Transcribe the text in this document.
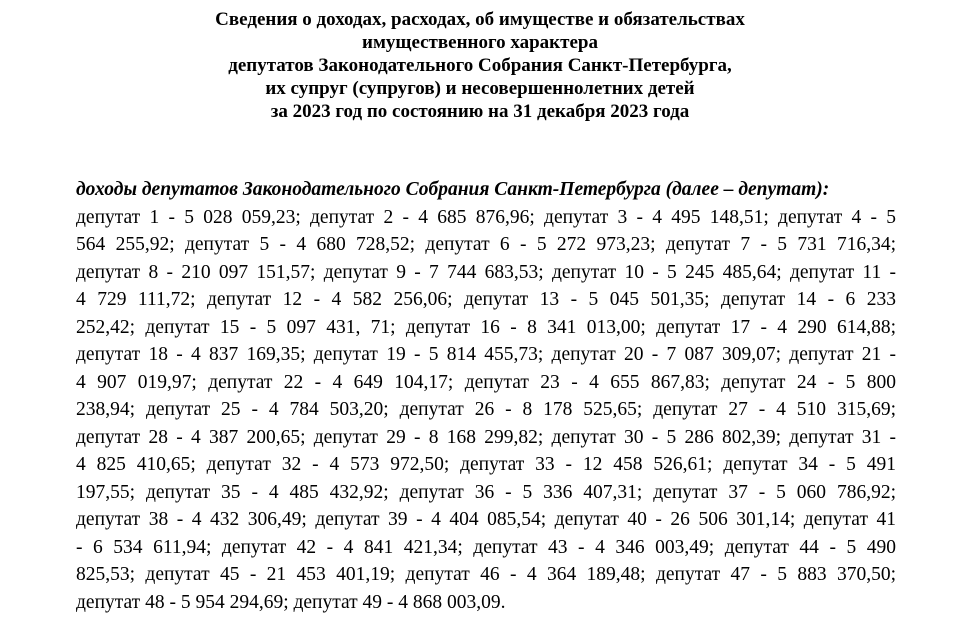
Сведения о доходах, расходах, об имуществе и обязательствах
имущественного характера
депутатов Законодательного Собрания Санкт-Петербурга,
их супруг (супругов) и несовершеннолетних детей
за 2023 год по состоянию на 31 декабря 2023 года
доходы депутатов Законодательного Собрания Санкт-Петербурга (далее – депутат):
депутат 1 - 5 028 059,23; депутат 2 - 4 685 876,96; депутат 3 - 4 495 148,51; депутат 4 - 5
564 255,92; депутат 5 - 4 680 728,52; депутат 6 - 5 272 973,23; депутат 7 - 5 731 716,34;
депутат 8 - 210 097 151,57; депутат 9 - 7 744 683,53; депутат 10 - 5 245 485,64; депутат 11 -
4 729 111,72; депутат 12 - 4 582 256,06; депутат 13 - 5 045 501,35; депутат 14 - 6 233
252,42; депутат 15 - 5 097 431, 71; депутат 16 - 8 341 013,00; депутат 17 - 4 290 614,88;
депутат 18 - 4 837 169,35; депутат 19 - 5 814 455,73; депутат 20 - 7 087 309,07; депутат 21 -
4 907 019,97; депутат 22 - 4 649 104,17; депутат 23 - 4 655 867,83; депутат 24 - 5 800
238,94; депутат 25 - 4 784 503,20; депутат 26 - 8 178 525,65; депутат 27 - 4 510 315,69;
депутат 28 - 4 387 200,65; депутат 29 - 8 168 299,82; депутат 30 - 5 286 802,39; депутат 31 -
4 825 410,65; депутат 32 - 4 573 972,50; депутат 33 - 12 458 526,61; депутат 34 - 5 491
197,55; депутат 35 - 4 485 432,92; депутат 36 - 5 336 407,31; депутат 37 - 5 060 786,92;
депутат 38 - 4 432 306,49; депутат 39 - 4 404 085,54; депутат 40 - 26 506 301,14; депутат 41
- 6 534 611,94; депутат 42 - 4 841 421,34; депутат 43 - 4 346 003,49; депутат 44 - 5 490
825,53; депутат 45 - 21 453 401,19; депутат 46 - 4 364 189,48; депутат 47 - 5 883 370,50;
депутат 48 - 5 954 294,69; депутат 49 - 4 868 003,09.
